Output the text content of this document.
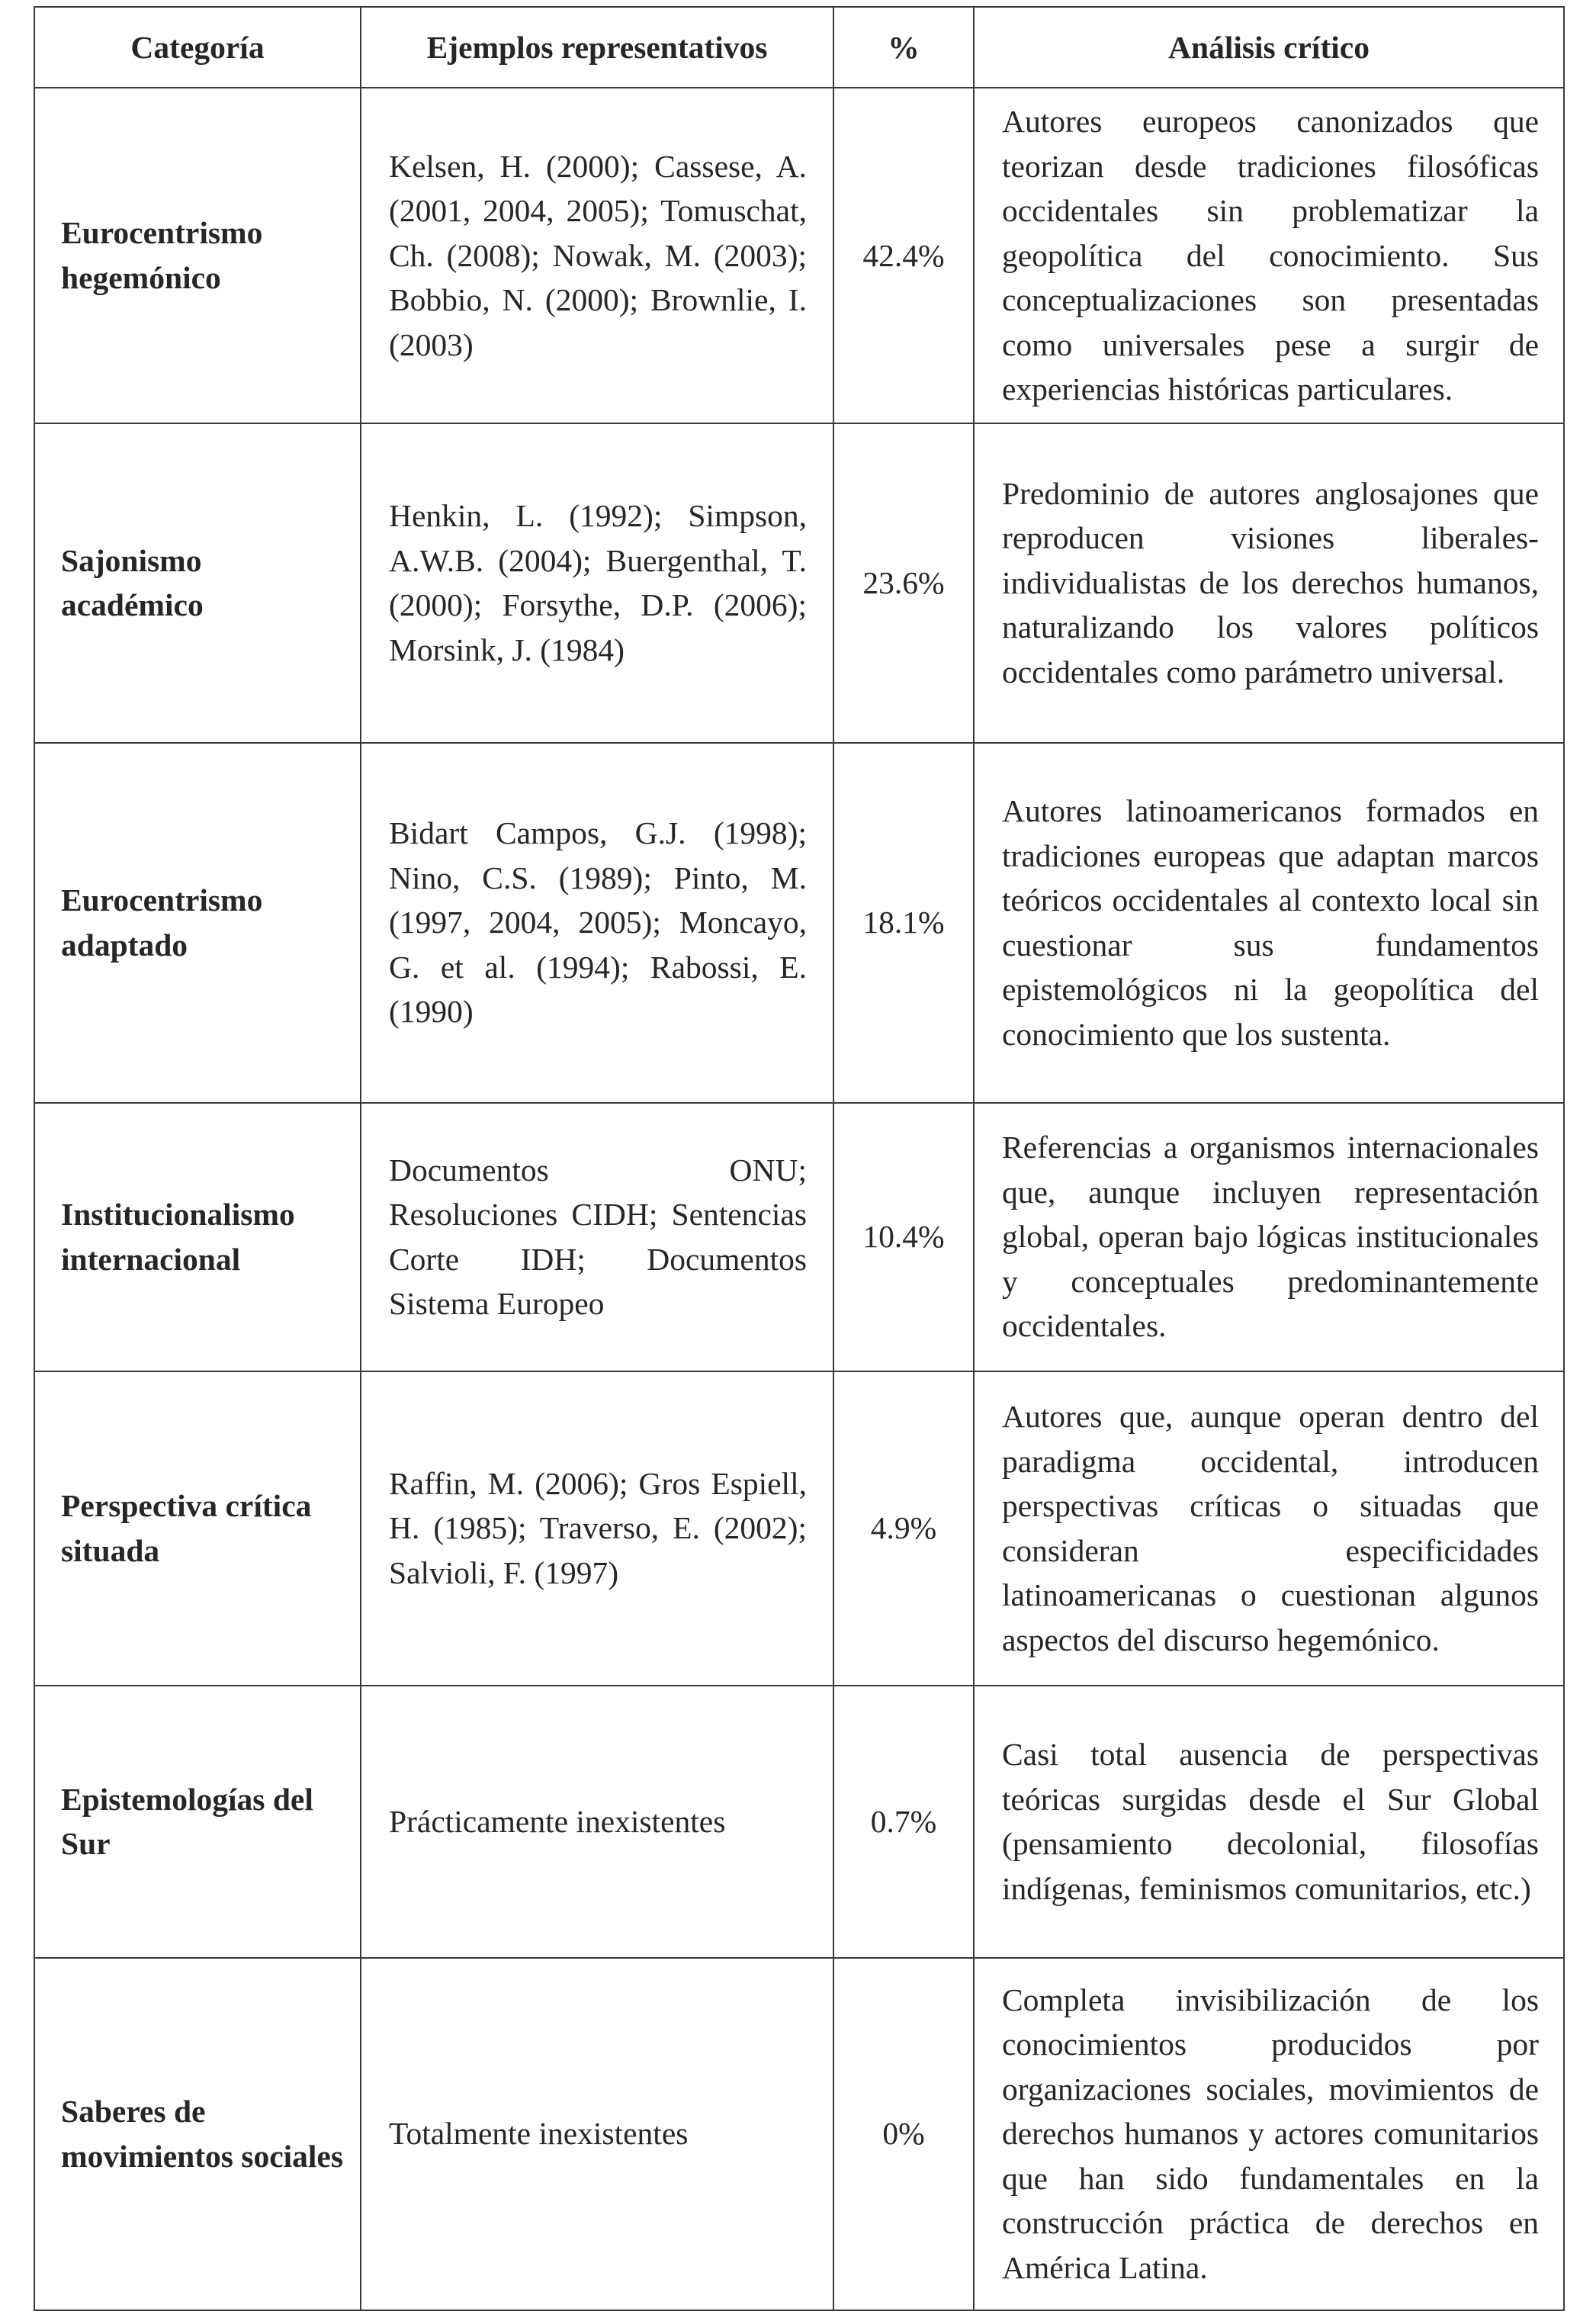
Categoría	Ejemplos representativos	%	Análisis crítico
Eurocentrismo hegemónico	Kelsen, H. (2000); Cassese, A. (2001, 2004, 2005); Tomuschat, Ch. (2008); Nowak, M. (2003); Bobbio, N. (2000); Brownlie, I. (2003)	42.4%	Autores europeos canonizados que teorizan desde tradiciones filosóficas occidentales sin problematizar la geopolítica del conocimiento. Sus conceptualizaciones son presentadas como universales pese a surgir de experiencias históricas particulares.
Sajonismo académico	Henkin, L. (1992); Simpson, A.W.B. (2004); Buergenthal, T. (2000); Forsythe, D.P. (2006); Morsink, J. (1984)	23.6%	Predominio de autores anglosajones que reproducen visiones liberales-individualistas de los derechos humanos, naturalizando los valores políticos occidentales como parámetro universal.
Eurocentrismo adaptado	Bidart Campos, G.J. (1998); Nino, C.S. (1989); Pinto, M. (1997, 2004, 2005); Moncayo, G. et al. (1994); Rabossi, E. (1990)	18.1%	Autores latinoamericanos formados en tradiciones europeas que adaptan marcos teóricos occidentales al contexto local sin cuestionar sus fundamentos epistemológicos ni la geopolítica del conocimiento que los sustenta.
Institucionalismo internacional	Documentos ONU; Resoluciones CIDH; Sentencias Corte IDH; Documentos Sistema Europeo	10.4%	Referencias a organismos internacionales que, aunque incluyen representación global, operan bajo lógicas institucionales y conceptuales predominantemente occidentales.
Perspectiva crítica situada	Raffin, M. (2006); Gros Espiell, H. (1985); Traverso, E. (2002); Salvioli, F. (1997)	4.9%	Autores que, aunque operan dentro del paradigma occidental, introducen perspectivas críticas o situadas que consideran especificidades latinoamericanas o cuestionan algunos aspectos del discurso hegemónico.
Epistemologías del Sur	Prácticamente inexistentes	0.7%	Casi total ausencia de perspectivas teóricas surgidas desde el Sur Global (pensamiento decolonial, filosofías indígenas, feminismos comunitarios, etc.)
Saberes de movimientos sociales	Totalmente inexistentes	0%	Completa invisibilización de los conocimientos producidos por organizaciones sociales, movimientos de derechos humanos y actores comunitarios que han sido fundamentales en la construcción práctica de derechos en América Latina.
